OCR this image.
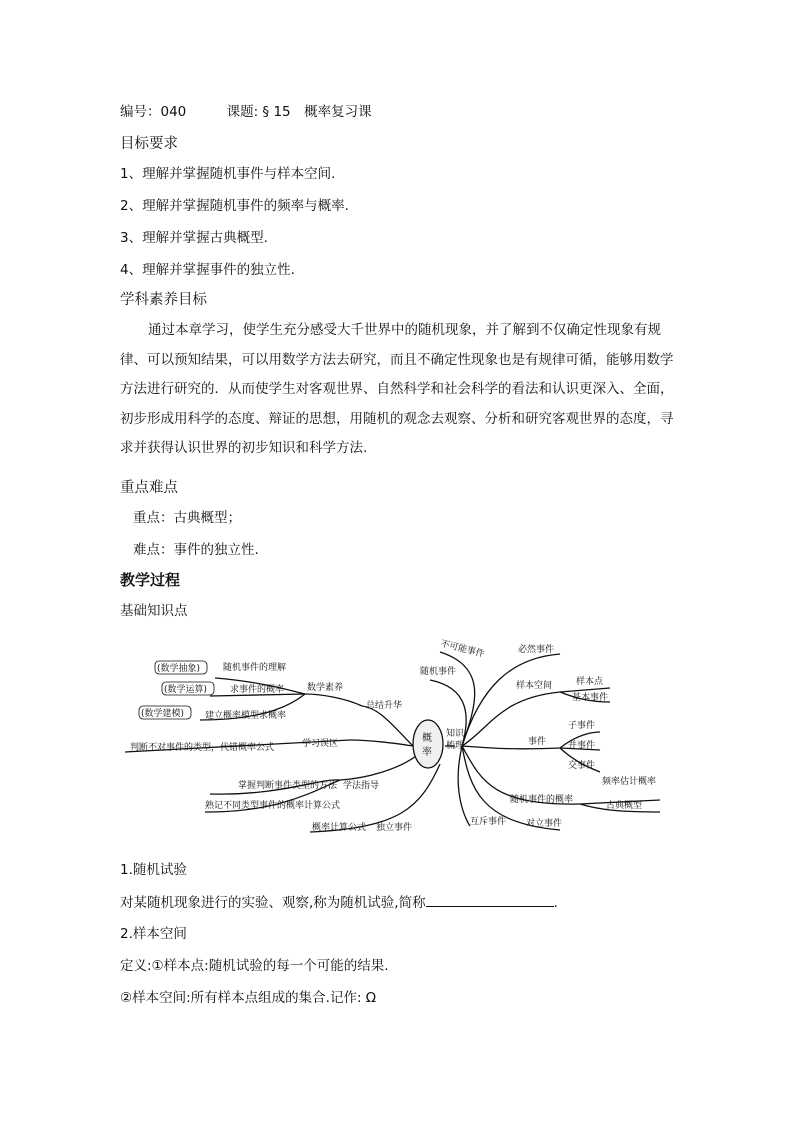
编号：040	课题: § 15　概率复习课
目标要求
1、理解并掌握随机事件与样本空间.
2、理解并掌握随机事件的频率与概率.
3、理解并掌握古典概型.
4、理解并掌握事件的独立性.
学科素养目标
通过本章学习，使学生充分感受大千世界中的随机现象，并了解到不仅确定性现象有规律、可以预知结果，可以用数学方法去研究，而且不确定性现象也是有规律可循，能够用数学方法进行研究的．从而使学生对客观世界、自然科学和社会科学的看法和认识更深入、全面，初步形成用科学的态度、辩证的思想，用随机的观念去观察、分析和研究客观世界的态度，寻求并获得认识世界的初步知识和科学方法.
重点难点
重点：古典概型；
难点：事件的独立性.
教学过程
基础知识点
概
率
知识
梳理
总结升华
数学素养
学习误区
学法指导
(数学抽象)
(数学运算)
(数学建模)
随机事件的理解
求事件的概率
建立概率模型求概率
判断不对事件的类型，代错概率公式
掌握判断事件类型的方法
熟记不同类型事件的概率计算公式
概率计算公式 独立事件
不可能事件	必然事件
随机事件
样本空间	样本点
基本事件
事件
子事件
并事件
交事件
频率估计概率
随机事件的概率
古典概型
互斥事件 对立事件
1.随机试验
对某随机现象进行的实验、观察,称为随机试验,简称	.
2.样本空间
定义:①样本点:随机试验的每一个可能的结果.
②样本空间:所有样本点组成的集合.记作: Ω
